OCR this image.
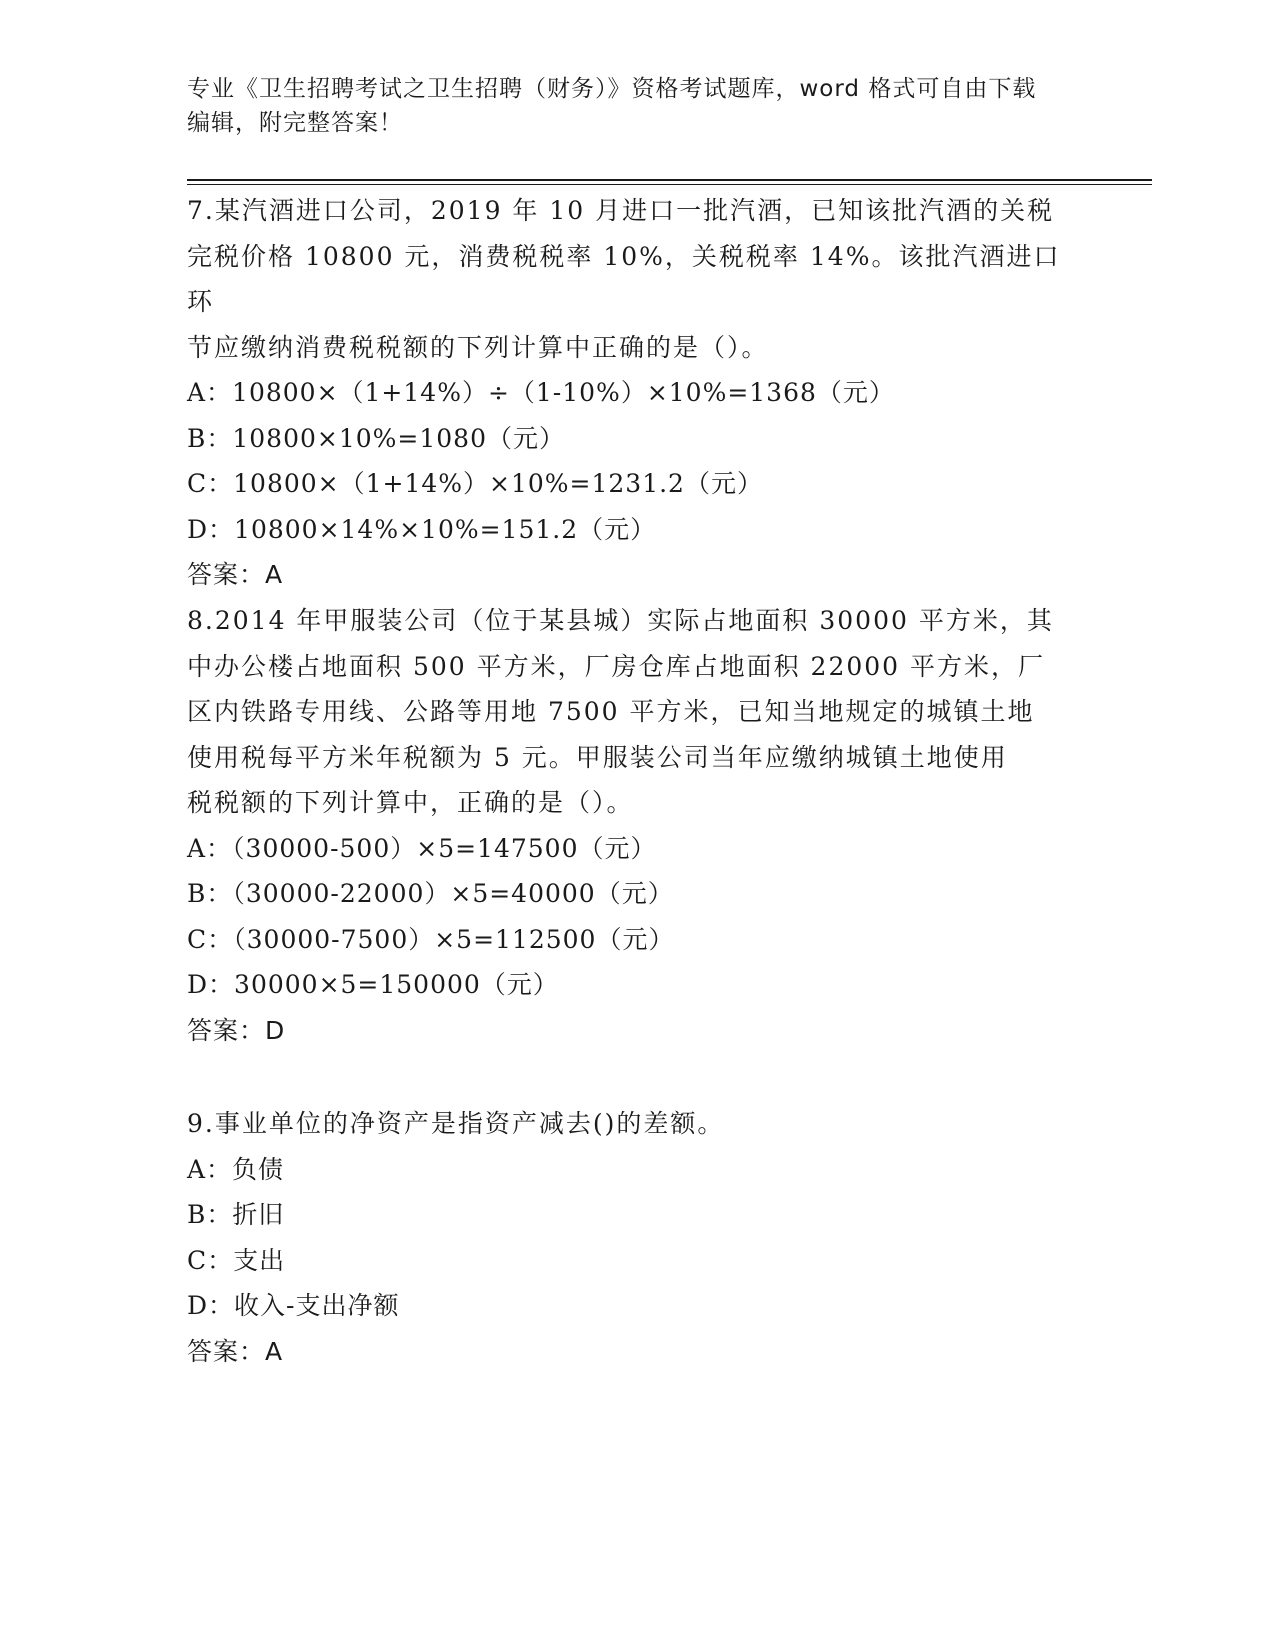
专业《卫生招聘考试之卫生招聘（财务）》资格考试题库，word 格式可自由下载
编辑，附完整答案！

7.某汽酒进口公司，2019 年 10 月进口一批汽酒，已知该批汽酒的关税

完税价格 10800 元，消费税税率 10%，关税税率 14%。该批汽酒进口环

节应缴纳消费税税额的下列计算中正确的是（）。

A：10800×（1+14%）÷（1-10%）×10%=1368（元）

B：10800×10%=1080（元）

C：10800×（1+14%）×10%=1231.2（元）

D：10800×14%×10%=151.2（元）

答案：A

8.2014 年甲服装公司（位于某县城）实际占地面积 30000 平方米，其

中办公楼占地面积 500 平方米，厂房仓库占地面积 22000 平方米，厂

区内铁路专用线、公路等用地 7500 平方米，已知当地规定的城镇土地

使用税每平方米年税额为 5 元。甲服装公司当年应缴纳城镇土地使用

税税额的下列计算中，正确的是（）。

A：（30000-500）×5=147500（元）

B：（30000-22000）×5=40000（元）

C：（30000-7500）×5=112500（元）

D：30000×5=150000（元）

答案：D

9.事业单位的净资产是指资产减去()的差额。

A：负债

B：折旧

C：支出

D：收入-支出净额

答案：A
